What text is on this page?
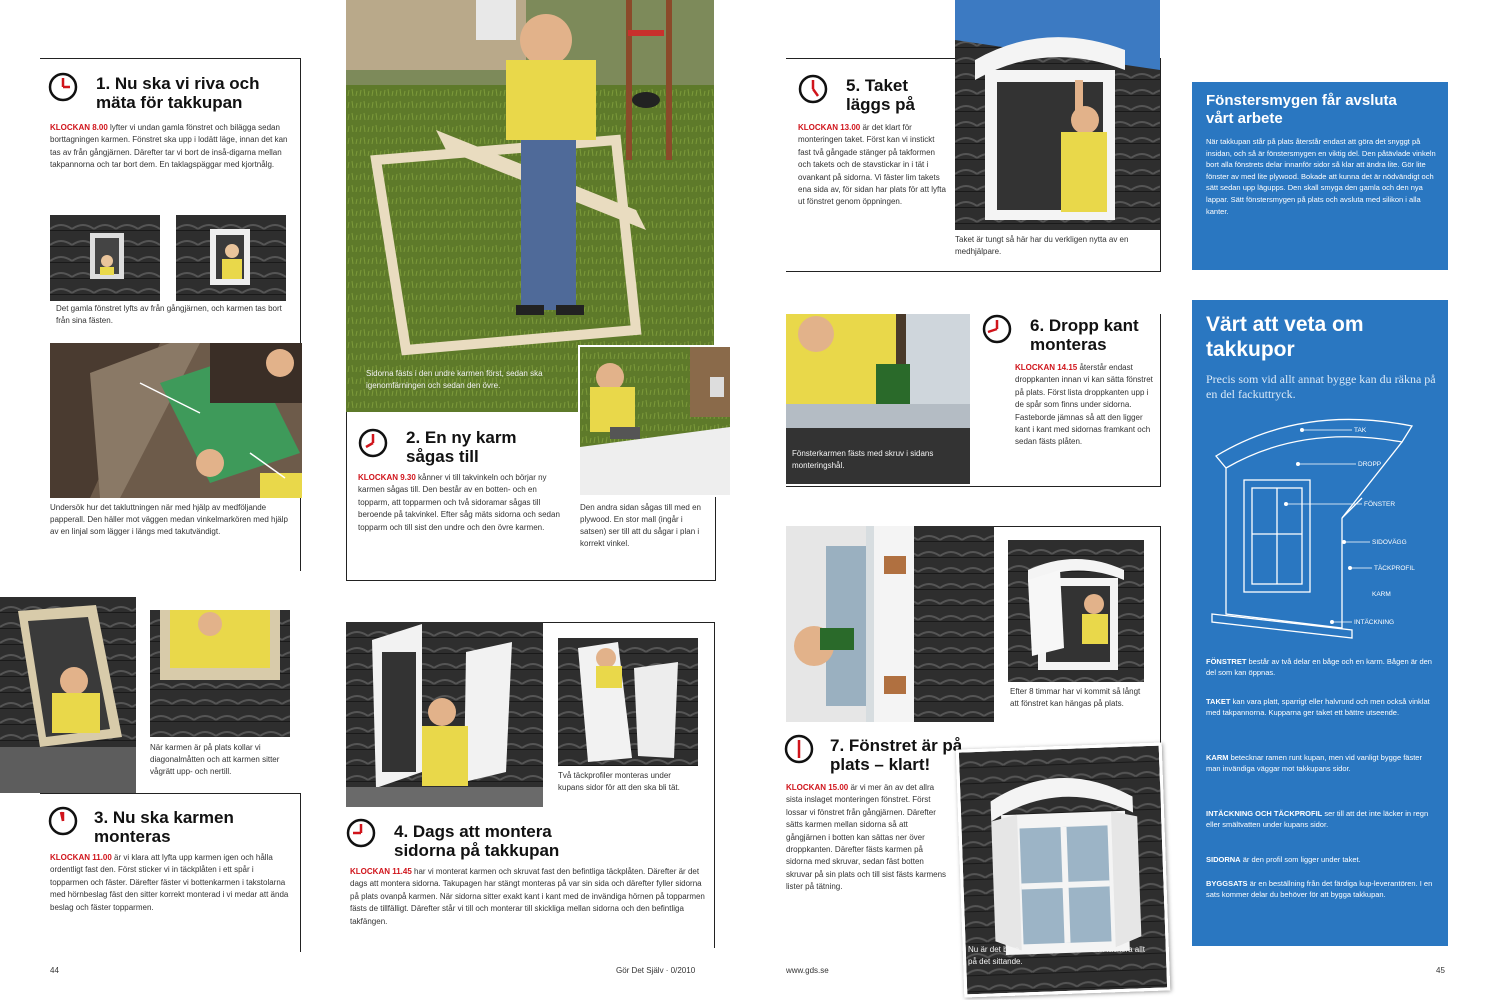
1. Nu ska vi riva och mäta för takkupan
KLOCKAN 8.00 lyfter vi undan gamla fönstret och bilägga sedan borttagningen karmen. Fönstret ska upp i lodätt läge, innan det kan tas av från gångjärnen. Därefter tar vi bort de inså-digarna mellan takpannorna och tar bort dem. En taklagspäggar med kjortnålg.
Det gamla fönstret lyfts av från gångjärnen, och karmen tas bort från sina fästen.
Undersök hur det takluttningen när med hjälp av medföljande papperall. Den häller mot väggen medan vinkelmarkören med hjälp av en linjal som lägger i längs med takutvändigt.
Sidorna fästs i den undre karmen först, sedan ska igenomfärningen och sedan den övre.
2. En ny karm sågas till
KLOCKAN 9.30 kånner vi till takvinkeln och börjar ny karmen sågas till. Den består av en botten- och en topparm, att topparmen och två sidoramar sågas till beroende på takvinkel. Efter såg mäts sidorna och sedan topparm och till sist den undre och den övre karmen.
Den andra sidan sågas till med en plywood. En stor mall (ingår i satsen) ser till att du sågar i plan i korrekt vinkel.
När karmen är på plats kollar vi diagonalmåtten och att karmen sitter vågrätt upp- och nertill.
3. Nu ska karmen monteras
KLOCKAN 11.00 är vi klara att lyfta upp karmen igen och hålla ordentligt fast den. Först sticker vi in täckplåten i ett spår i topparmen och fäster. Därefter fäster vi bottenkarmen i takstolarna med hörnbeslag fäst den sitter korrekt monterad i vi medar att ända beslag och fäster topparmen.
Två täckprofiler monteras under kupans sidor för att den ska bli tät.
4. Dags att montera sidorna på takkupan
KLOCKAN 11.45 har vi monterat karmen och skruvat fast den befintliga täckplåten. Därefter är det dags att montera sidorna. Takupagen har stängt monteras på var sin sida och därefter fyller sidorna på plats ovanpå karmen. När sidorna sitter exakt kant i kant med de invändiga hörnen på topparmen fästs de tillfälligt. Därefter står vi till och monterar till skickliga mellan sidorna och den befintliga takfängen.
44	Gör Det Själv · 0/2010	www.gds.se	45
5. Taket läggs på
KLOCKAN 13.00 är det klart för monteringen taket. Först kan vi instickt fast två gångade stänger på takformen och takets och de stavstickar in i tät i ovankant på sidorna. Vi fäster lim takets ena sida av, för sidan har plats för att lyfta ut fönstret genom öppningen.
Taket är tungt så här har du verkligen nytta av en medhjälpare.
Fönsterkarmen fästs med skruv i sidans monteringshål.
6. Dropp kant monteras
KLOCKAN 14.15 återstår endast droppkanten innan vi kan sätta fönstret på plats. Först lista droppkanten upp i de spår som finns under sidorna. Fasteborde jämnas så att den ligger kant i kant med sidornas framkant och sedan fästs plåten.
Efter 8 timmar har vi kommit så långt att fönstret kan hängas på plats.
7. Fönstret är på plats – klart!
KLOCKAN 15.00 är vi mer än av det allra sista inslaget monteringen fönstret. Först lossar vi fönstret från gångjärnen. Därefter sätts karmen mellan sidorna så att gångjärnen i botten kan sättas ner över droppkanten. Därefter fästs karmen på sidorna med skruvar, sedan fäst botten skruvar på sin plats och till sist fästs karmens lister på tätning.
Nu är det bara att nu tälja fönstren och lackera allt på det sittande.
Fönstersmygen får avsluta vårt arbete
När takkupan står på plats återstår endast att göra det snyggt på insidan, och så är fönstersmygen en viktig del. Den påtävlade vinkeln bort alla fönstrets delar innanför sidor så klar att ändra lite. Gör lite fönster av med lite plywood. Bokade att kunna det är nödvändigt och sätt sedan upp lägupps. Den skall smyga den gamla och den nya lappar. Sätt fönstersmygen på plats och avsluta med silikon i alla kanter.
Värt att veta om takkupor
Precis som vid allt annat bygge kan du räkna på en del fackuttryck.
TAK
DROPP
FÖNSTER
SIDOVÄGG
TÄCKPROFIL
KARM
INTÄCKNING
FÖNSTRET består av två delar en båge och en karm. Bågen är den del som kan öppnas.
TAKET kan vara platt, sparrigt eller halvrund och men också vinklat med takpannorna. Kupparna ger taket ett bättre utseende.
KARM betecknar ramen runt kupan, men vid vanligt bygge fäster man invändiga väggar mot takkupans sidor.
INTÄCKNING OCH TÄCKPROFIL ser till att det inte läcker in regn eller smältvatten under kupans sidor.
SIDORNA är den profil som ligger under taket.
BYGGSATS är en beställning från det färdiga kup-leverantören. I en sats kommer delar du behöver för att bygga takkupan.
